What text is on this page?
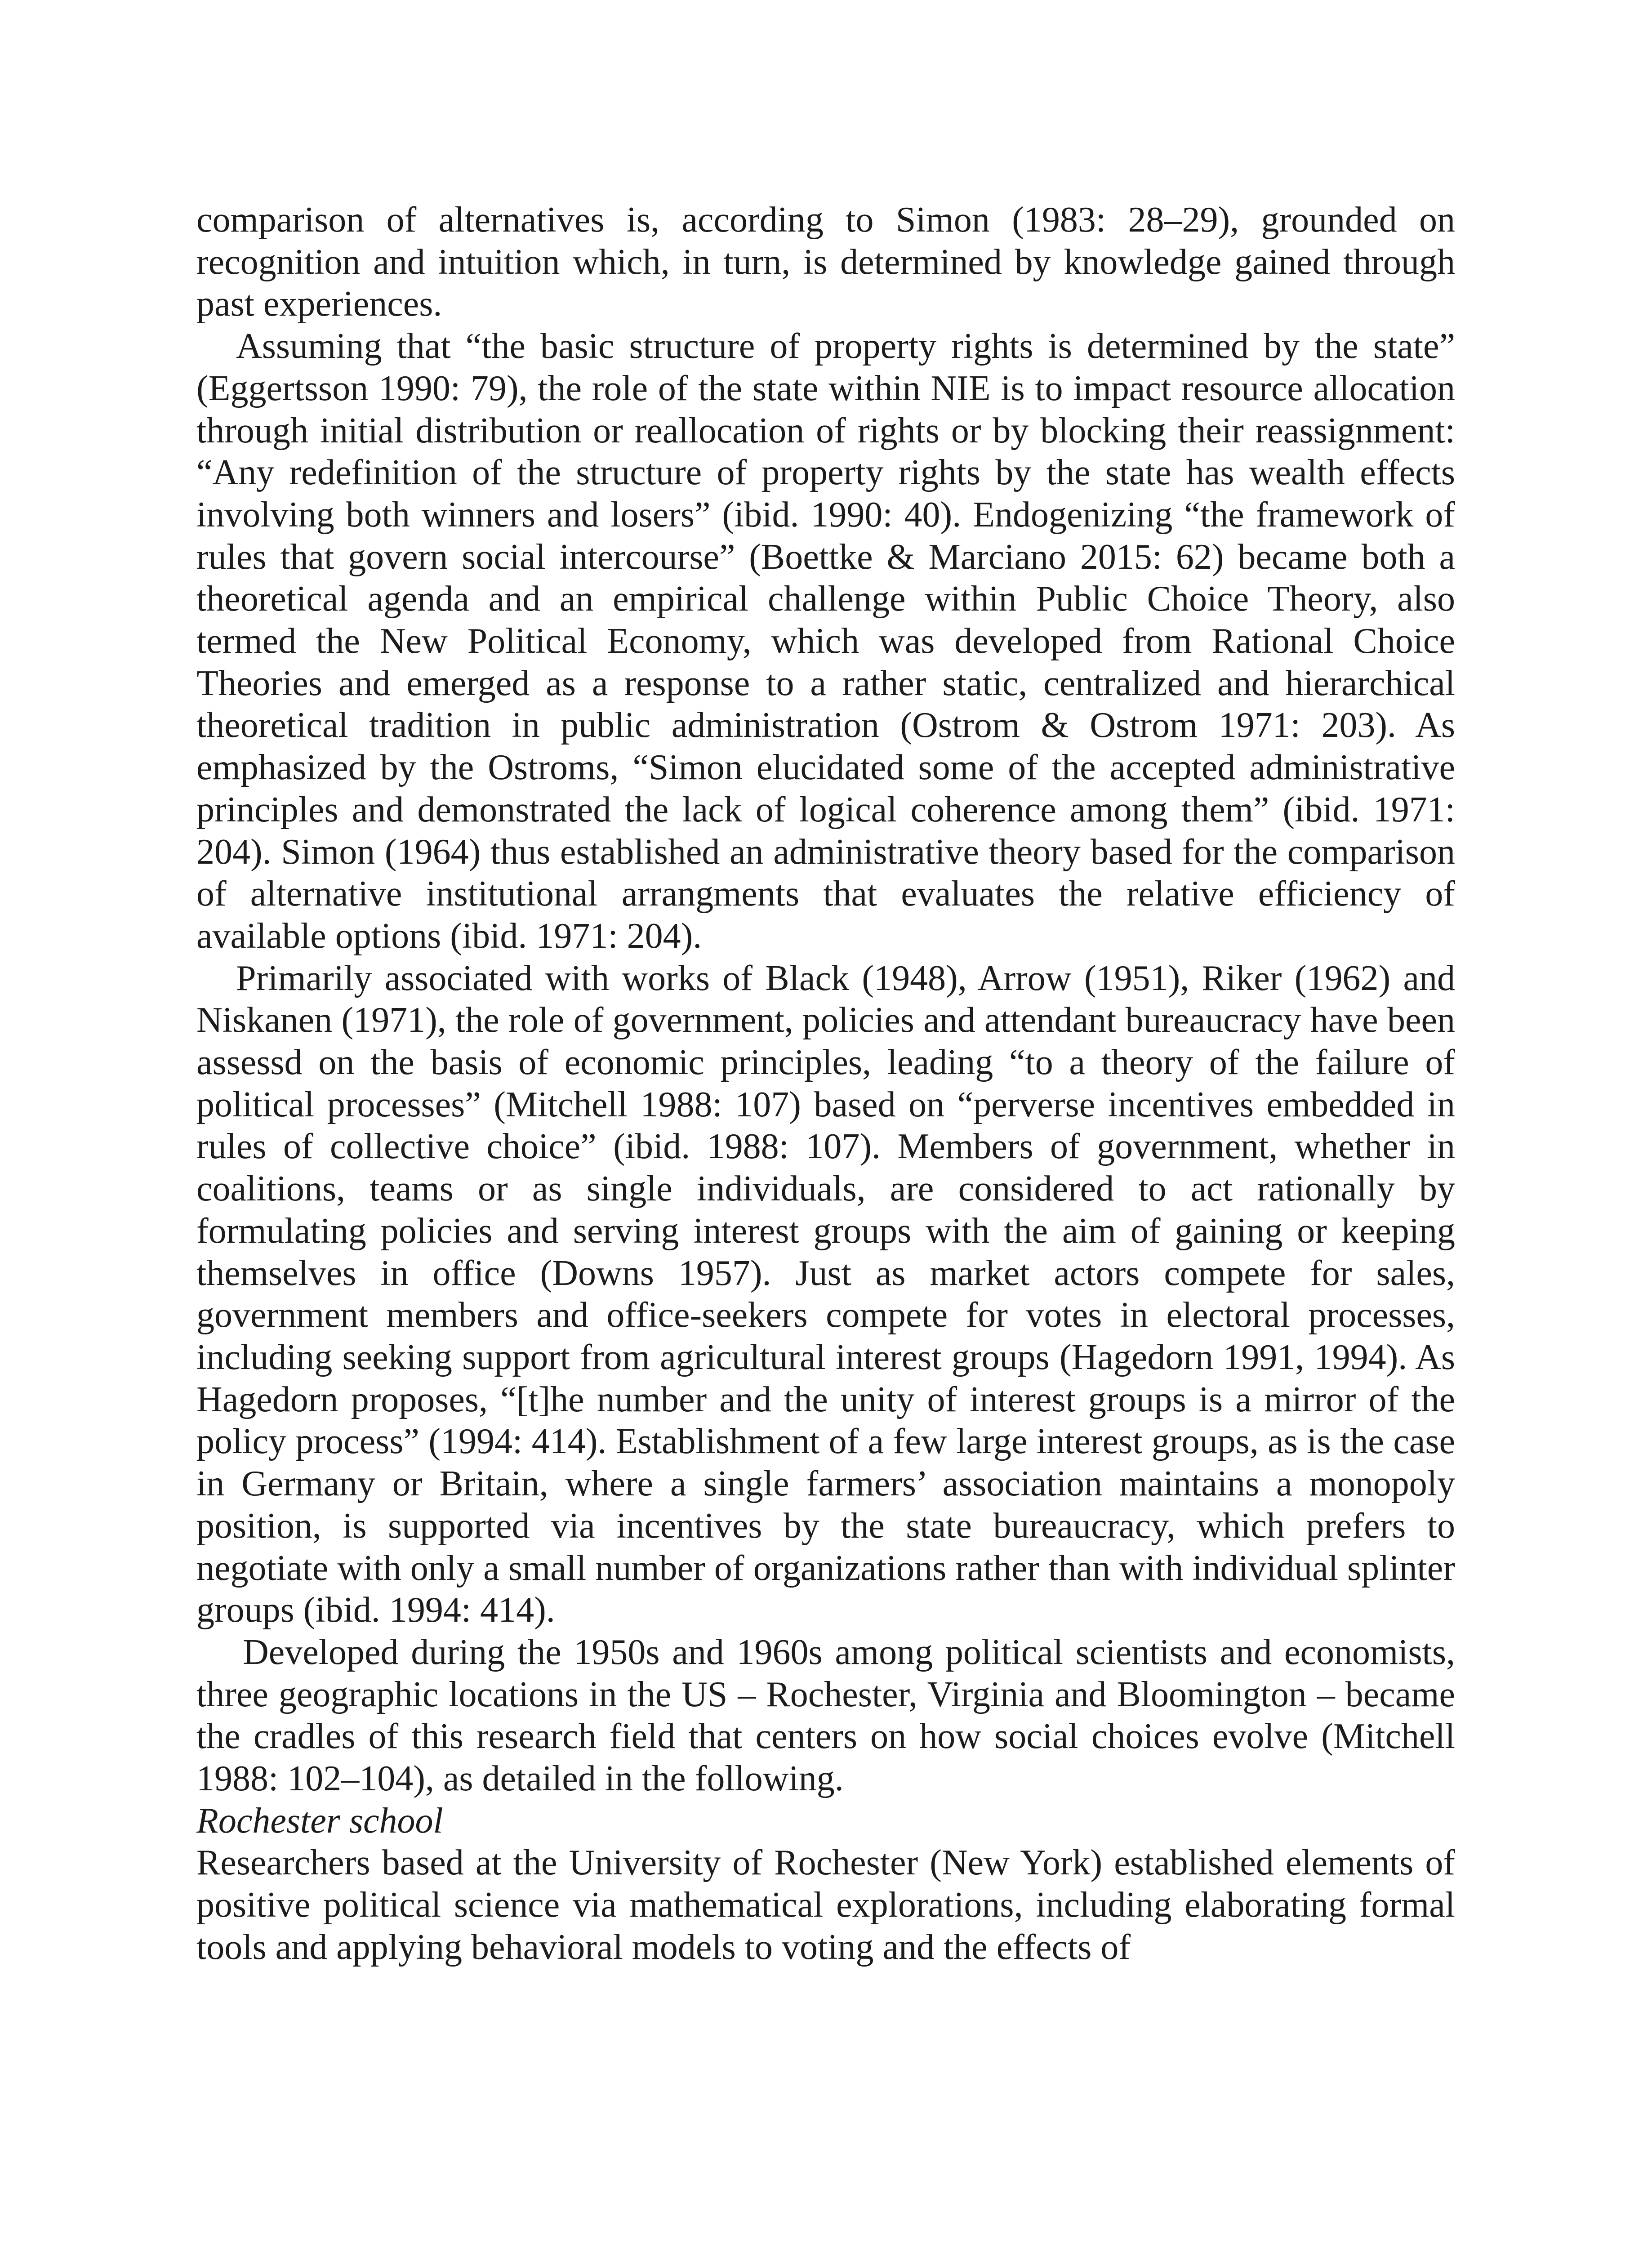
comparison of alternatives is, according to Simon (1983: 28–29), grounded on recognition and intuition which, in turn, is determined by knowledge gained through past experiences.

Assuming that “the basic structure of property rights is determined by the state” (Eggertsson 1990: 79), the role of the state within NIE is to impact resource allocation through initial distribution or reallocation of rights or by blocking their reassignment: “Any redefinition of the structure of property rights by the state has wealth effects involving both winners and losers” (ibid. 1990: 40). Endogenizing “the framework of rules that govern social intercourse” (Boettke & Marciano 2015: 62) became both a theoretical agenda and an empirical challenge within Public Choice Theory, also termed the New Political Economy, which was developed from Rational Choice Theories and emerged as a response to a rather static, centralized and hierarchical theoretical tradition in public administration (Ostrom & Ostrom 1971: 203). As emphasized by the Ostroms, “Simon elucidated some of the accepted administrative principles and demonstrated the lack of logical coherence among them” (ibid. 1971: 204). Simon (1964) thus established an administrative theory based for the comparison of alternative institutional arrangments that evaluates the relative efficiency of available options (ibid. 1971: 204).

Primarily associated with works of Black (1948), Arrow (1951), Riker (1962) and Niskanen (1971), the role of government, policies and attendant bureaucracy have been assessd on the basis of economic principles, leading “to a theory of the failure of political processes” (Mitchell 1988: 107) based on “perverse incentives embedded in rules of collective choice” (ibid. 1988: 107). Members of government, whether in coalitions, teams or as single individuals, are considered to act rationally by formulating policies and serving interest groups with the aim of gaining or keeping themselves in office (Downs 1957). Just as market actors compete for sales, government members and office-seekers compete for votes in electoral processes, including seeking support from agricultural interest groups (Hagedorn 1991, 1994). As Hagedorn proposes, “[t]he number and the unity of interest groups is a mirror of the policy process” (1994: 414). Establishment of a few large interest groups, as is the case in Germany or Britain, where a single farmers’ association maintains a monopoly position, is supported via incentives by the state bureaucracy, which prefers to negotiate with only a small number of organizations rather than with individual splinter groups (ibid. 1994: 414).

Developed during the 1950s and 1960s among political scientists and economists, three geographic locations in the US – Rochester, Virginia and Bloomington – became the cradles of this research field that centers on how social choices evolve (Mitchell 1988: 102–104), as detailed in the following.

Rochester school

Researchers based at the University of Rochester (New York) established elements of positive political science via mathematical explorations, including elaborating formal tools and applying behavioral models to voting and the effects of
